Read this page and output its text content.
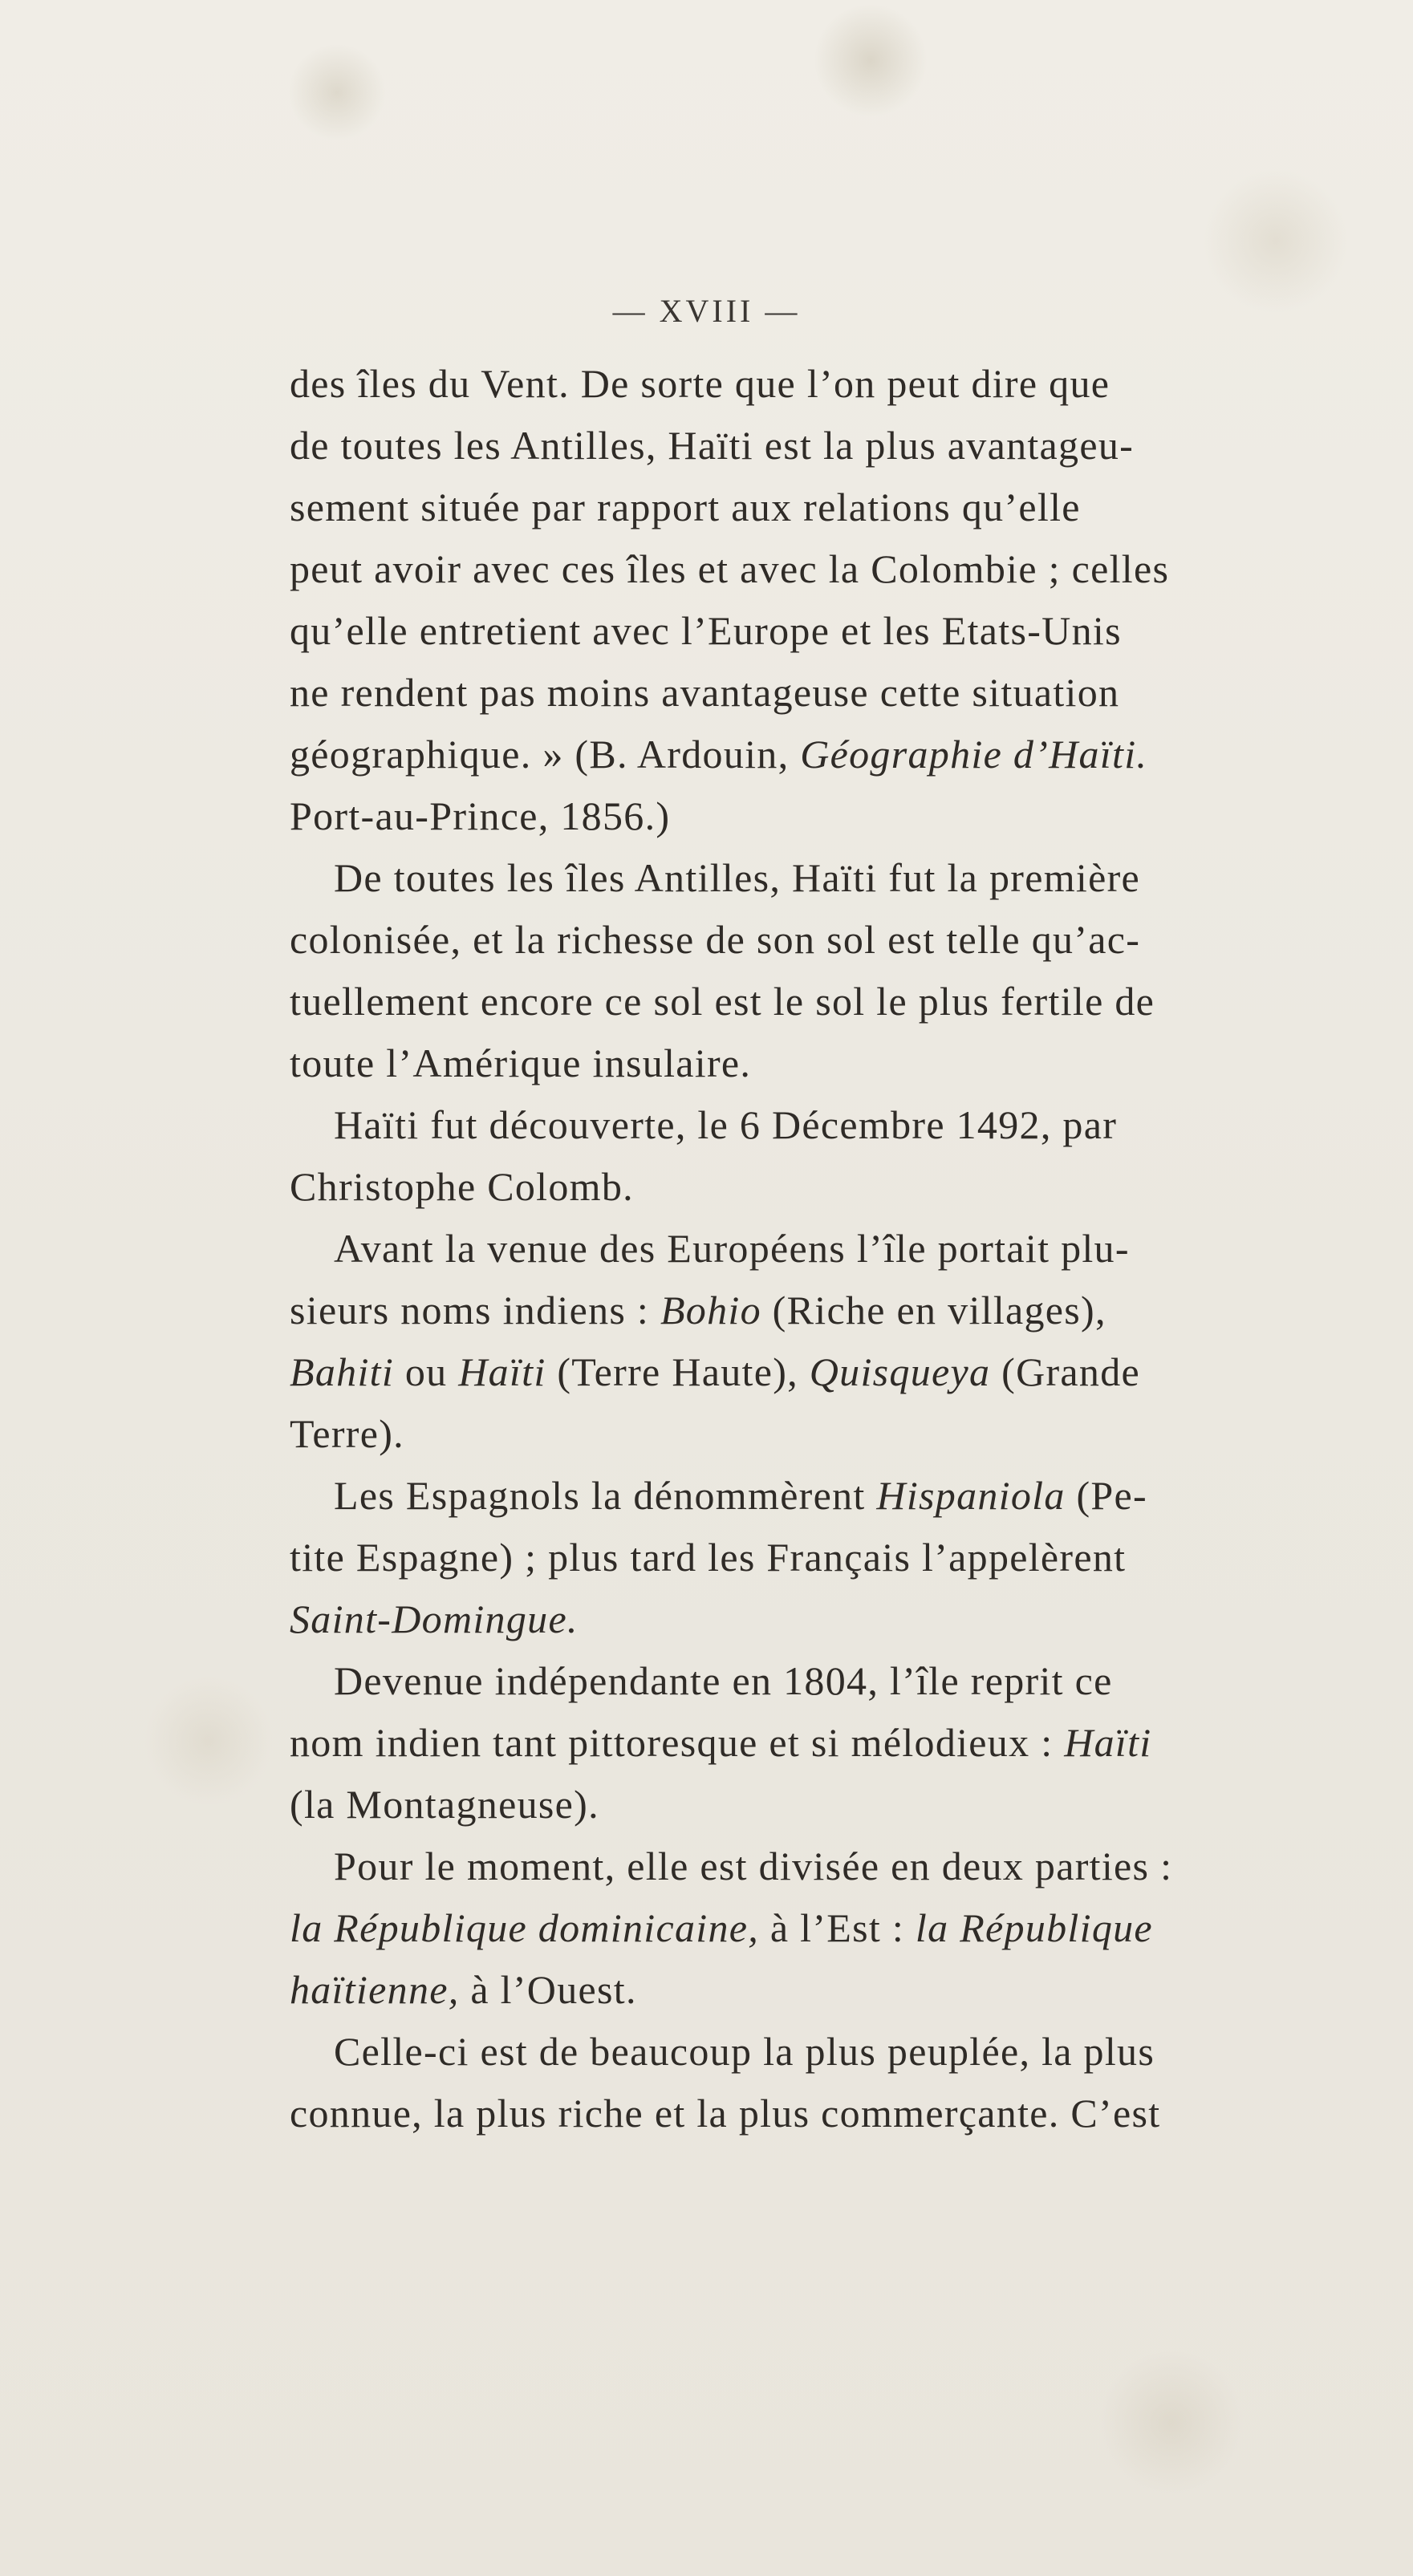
— XVIII —
des îles du Vent. De sorte que l’on peut dire que
de toutes les Antilles, Haïti est la plus avantageu-
sement située par rapport aux relations qu’elle
peut avoir avec ces îles et avec la Colombie ; celles
qu’elle entretient avec l’Europe et les Etats-Unis
ne rendent pas moins avantageuse cette situation
géographique. » (B. Ardouin, Géographie d’Haïti.
Port-au-Prince, 1856.)
De toutes les îles Antilles, Haïti fut la première
colonisée, et la richesse de son sol est telle qu’ac-
tuellement encore ce sol est le sol le plus fertile de
toute l’Amérique insulaire.
Haïti fut découverte, le 6 Décembre 1492, par
Christophe Colomb.
Avant la venue des Européens l’île portait plu-
sieurs noms indiens : Bohio (Riche en villages),
Bahiti ou Haïti (Terre Haute), Quisqueya (Grande
Terre).
Les Espagnols la dénommèrent Hispaniola (Pe-
tite Espagne) ; plus tard les Français l’appelèrent
Saint-Domingue.
Devenue indépendante en 1804, l’île reprit ce
nom indien tant pittoresque et si mélodieux : Haïti
(la Montagneuse).
Pour le moment, elle est divisée en deux parties :
la République dominicaine, à l’Est : la République
haïtienne, à l’Ouest.
Celle-ci est de beaucoup la plus peuplée, la plus
connue, la plus riche et la plus commerçante. C’est
